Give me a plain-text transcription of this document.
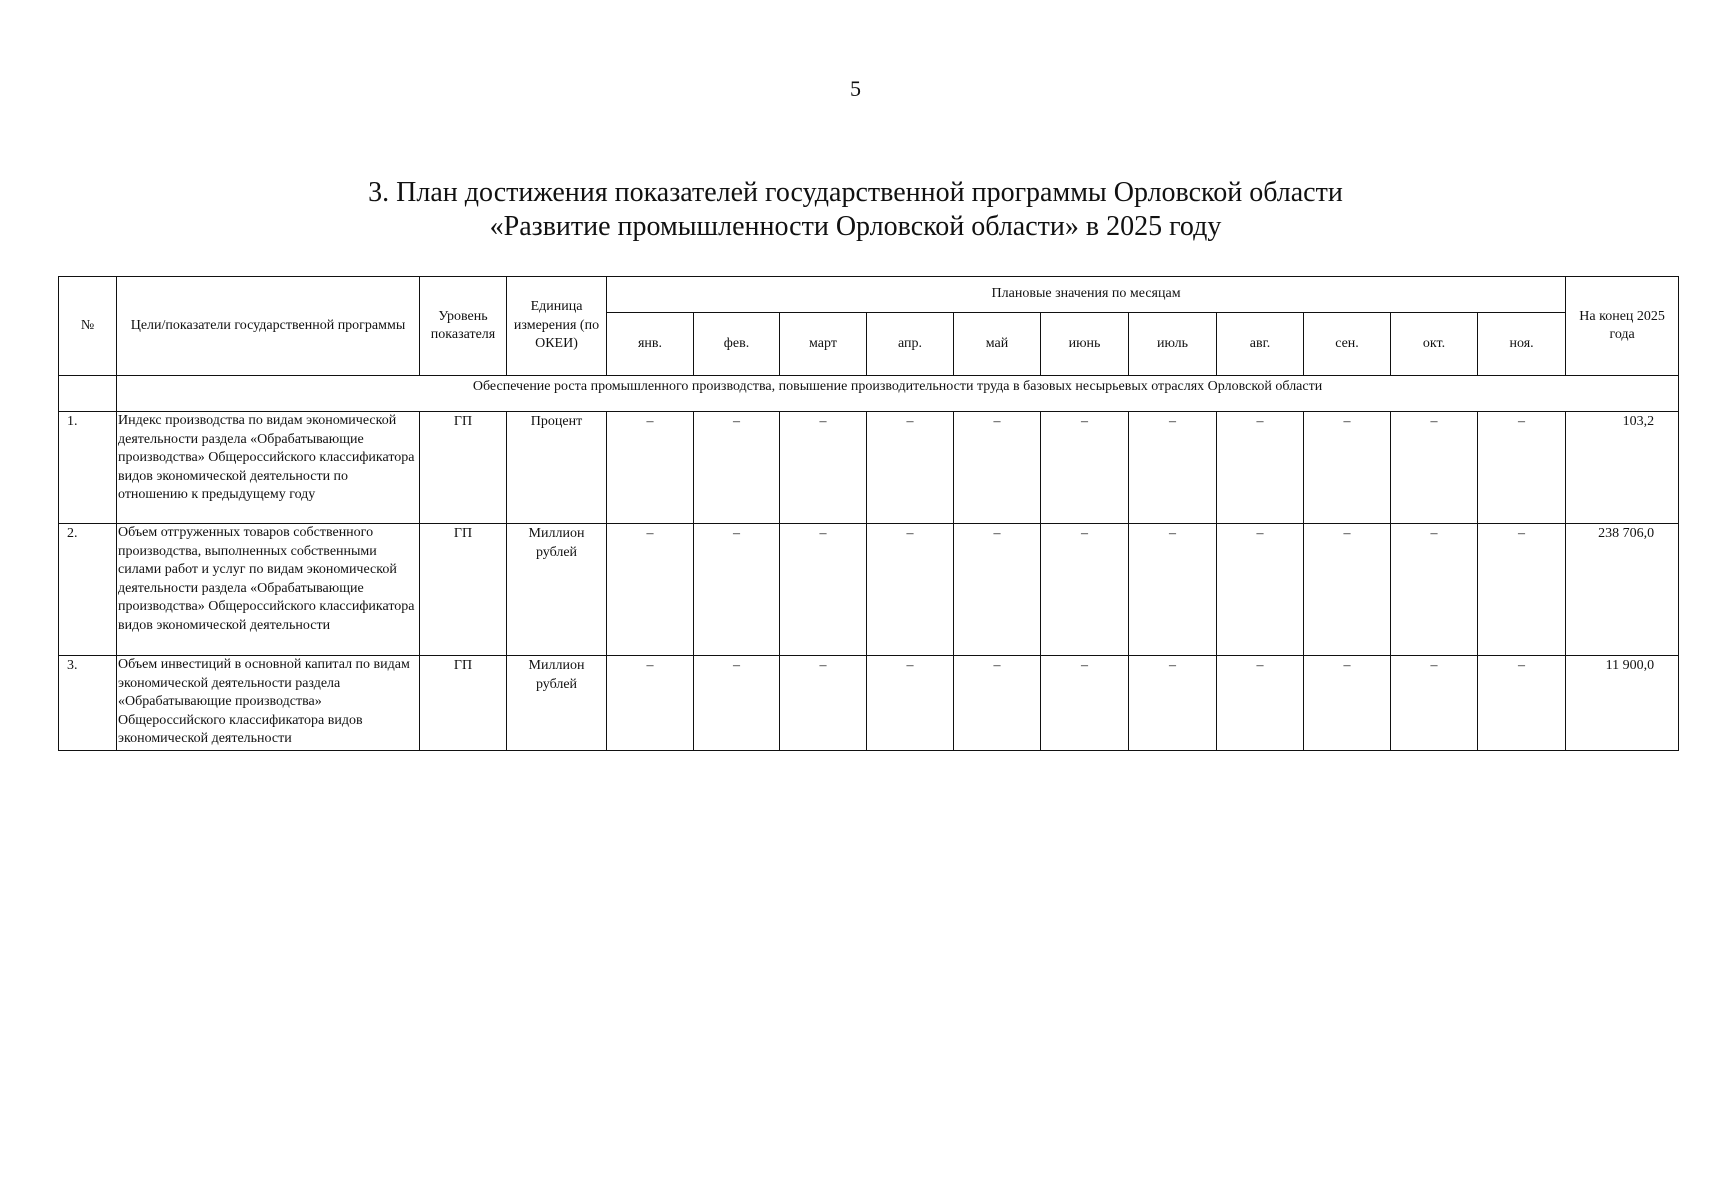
5
3. План достижения показателей государственной программы Орловской области
«Развитие промышленности Орловской области» в 2025 году
№	Цели/показатели государственной программы	Уровень показателя	Единица измерения (по ОКЕИ)	Плановые значения по месяцам											На конец 2025 года
				янв.	фев.	март	апр.	май	июнь	июль	авг.	сен.	окт.	ноя.	
	Обеспечение роста промышленного производства, повышение производительности труда в базовых несырьевых отраслях Орловской области														
1.	Индекс производства по видам экономической деятельности раздела «Обрабатывающие производства» Общероссийского классификатора видов экономической деятельности по отношению к предыдущему году	ГП	Процент	–	–	–	–	–	–	–	–	–	–	–	103,2
2.	Объем отгруженных товаров собственного производства, выполненных собственными силами работ и услуг по видам экономической деятельности раздела «Обрабатывающие производства» Общероссийского классификатора видов экономической деятельности	ГП	Миллион рублей	–	–	–	–	–	–	–	–	–	–	–	238 706,0
3.	Объем инвестиций в основной капитал по видам экономической деятельности раздела «Обрабатывающие производства» Общероссийского классификатора видов экономической деятельности	ГП	Миллион рублей	–	–	–	–	–	–	–	–	–	–	–	11 900,0
